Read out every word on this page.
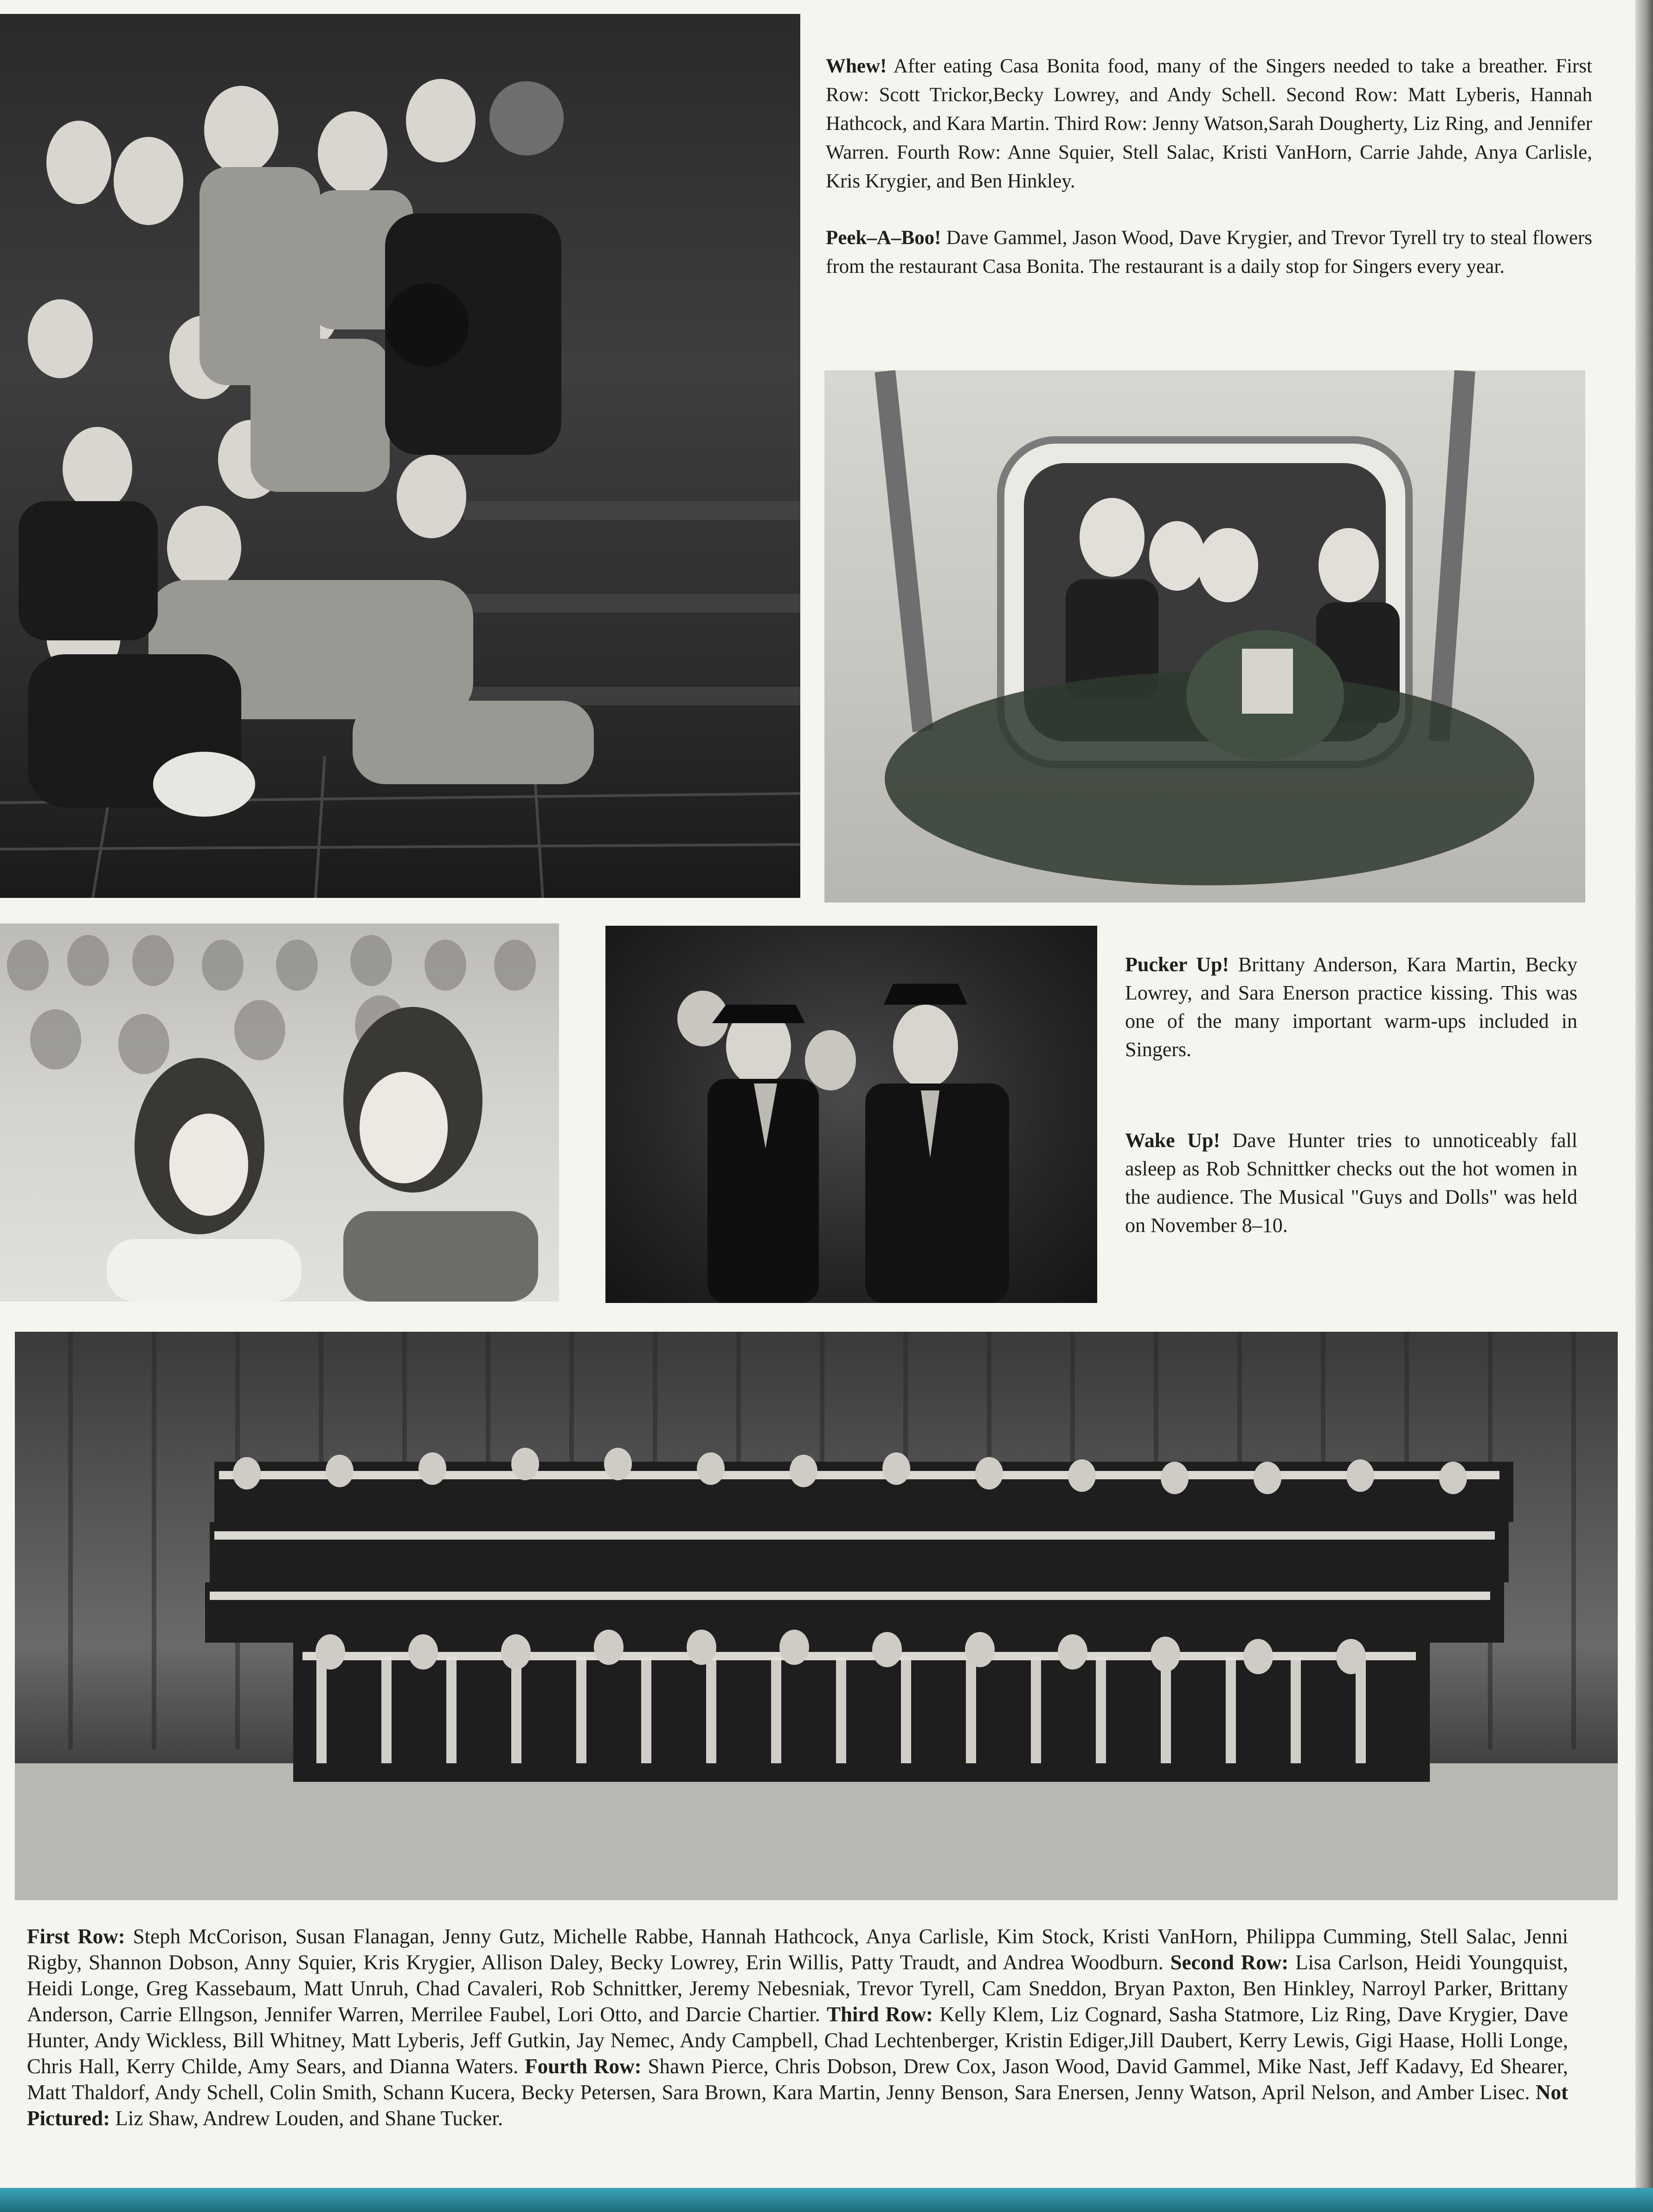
Whew! After eating Casa Bonita food, many of the Singers needed to take a breather. First Row: Scott Trickor,Becky Lowrey, and Andy Schell. Second Row: Matt Lyberis, Hannah Hathcock, and Kara Martin. Third Row: Jenny Watson,Sarah Dougherty, Liz Ring, and Jennifer Warren. Fourth Row: Anne Squier, Stell Salac, Kristi VanHorn, Carrie Jahde, Anya Carlisle, Kris Krygier, and Ben Hinkley.

Peek–A–Boo! Dave Gammel, Jason Wood, Dave Krygier, and Trevor Tyrell try to steal flowers from the restaurant Casa Bonita. The restaurant is a daily stop for Singers every year.

Pucker Up! Brittany Anderson, Kara Martin, Becky Lowrey, and Sara Enerson practice kissing. This was one of the many important warm-ups included in Singers.

Wake Up! Dave Hunter tries to unnoticeably fall asleep as Rob Schnittker checks out the hot women in the audience. The Musical "Guys and Dolls" was held on November 8–10.

First Row: Steph McCorison, Susan Flanagan, Jenny Gutz, Michelle Rabbe, Hannah Hathcock, Anya Carlisle, Kim Stock, Kristi VanHorn, Philippa Cumming, Stell Salac, Jenni Rigby, Shannon Dobson, Anny Squier, Kris Krygier, Allison Daley, Becky Lowrey, Erin Willis, Patty Traudt, and Andrea Woodburn. Second Row: Lisa Carlson, Heidi Youngquist, Heidi Longe, Greg Kassebaum, Matt Unruh, Chad Cavaleri, Rob Schnittker, Jeremy Nebesniak, Trevor Tyrell, Cam Sneddon, Bryan Paxton, Ben Hinkley, Narroyl Parker, Brittany Anderson, Carrie Ellngson, Jennifer Warren, Merrilee Faubel, Lori Otto, and Darcie Chartier. Third Row: Kelly Klem, Liz Cognard, Sasha Statmore, Liz Ring, Dave Krygier, Dave Hunter, Andy Wickless, Bill Whitney, Matt Lyberis, Jeff Gutkin, Jay Nemec, Andy Campbell, Chad Lechtenberger, Kristin Ediger,Jill Daubert, Kerry Lewis, Gigi Haase, Holli Longe, Chris Hall, Kerry Childe, Amy Sears, and Dianna Waters. Fourth Row: Shawn Pierce, Chris Dobson, Drew Cox, Jason Wood, David Gammel, Mike Nast, Jeff Kadavy, Ed Shearer, Matt Thaldorf, Andy Schell, Colin Smith, Schann Kucera, Becky Petersen, Sara Brown, Kara Martin, Jenny Benson, Sara Enersen, Jenny Watson, April Nelson, and Amber Lisec. Not Pictured: Liz Shaw, Andrew Louden, and Shane Tucker.
